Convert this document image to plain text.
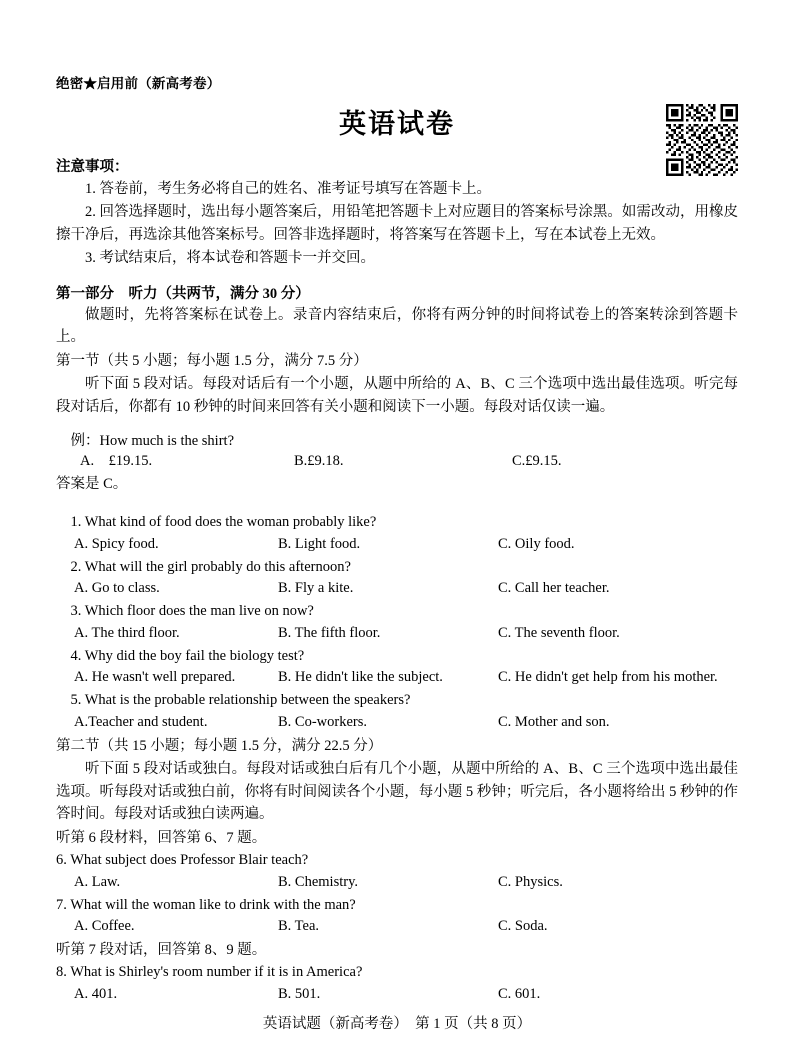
绝密★启用前（新高考卷）
英语试卷
注意事项：

1. 答卷前，考生务必将自己的姓名、准考证号填写在答题卡上。

2. 回答选择题时，选出每小题答案后，用铅笔把答题卡上对应题目的答案标号涂黑。如需改动，用橡皮擦干净后，再选涂其他答案标号。回答非选择题时，将答案写在答题卡上，写在本试卷上无效。

3. 考试结束后，将本试卷和答题卡一并交回。

第一部分　听力（共两节，满分 30 分）

做题时，先将答案标在试卷上。录音内容结束后，你将有两分钟的时间将试卷上的答案转涂到答题卡上。

第一节（共 5 小题；每小题 1.5 分，满分 7.5 分）

听下面 5 段对话。每段对话后有一个小题，从题中所给的 A、B、C 三个选项中选出最佳选项。听完每段对话后，你都有 10 秒钟的时间来回答有关小题和阅读下一小题。每段对话仅读一遍。

例：How much is the shirt?

A.　£19.15.	B.£9.18.	C.£9.15.

答案是 C。

1. What kind of food does the woman probably like?

A. Spicy food.	B. Light food.	C. Oily food.

2. What will the girl probably do this afternoon?

A. Go to class.	B. Fly a kite.	C. Call her teacher.

3. Which floor does the man live on now?

A. The third floor.	B. The fifth floor.	C. The seventh floor.

4. Why did the boy fail the biology test?

A. He wasn't well prepared.	B. He didn't like the subject.	C. He didn't get help from his mother.

5. What is the probable relationship between the speakers?

A.Teacher and student.	B. Co-workers.	C. Mother and son.

第二节（共 15 小题；每小题 1.5 分，满分 22.5 分）

听下面 5 段对话或独白。每段对话或独白后有几个小题，从题中所给的 A、B、C 三个选项中选出最佳选项。听每段对话或独白前，你将有时间阅读各个小题，每小题 5 秒钟；听完后，各小题将给出 5 秒钟的作答时间。每段对话或独白读两遍。

听第 6 段材料，回答第 6、7 题。

6. What subject does Professor Blair teach?

A. Law.	B. Chemistry.	C. Physics.

7. What will the woman like to drink with the man?

A. Coffee.	B. Tea.	C. Soda.

听第 7 段对话，回答第 8、9 题。

8. What is Shirley's room number if it is in America?

A. 401.	B. 501.	C. 601.
英语试题（新高考卷）　第 1 页（共 8 页）
